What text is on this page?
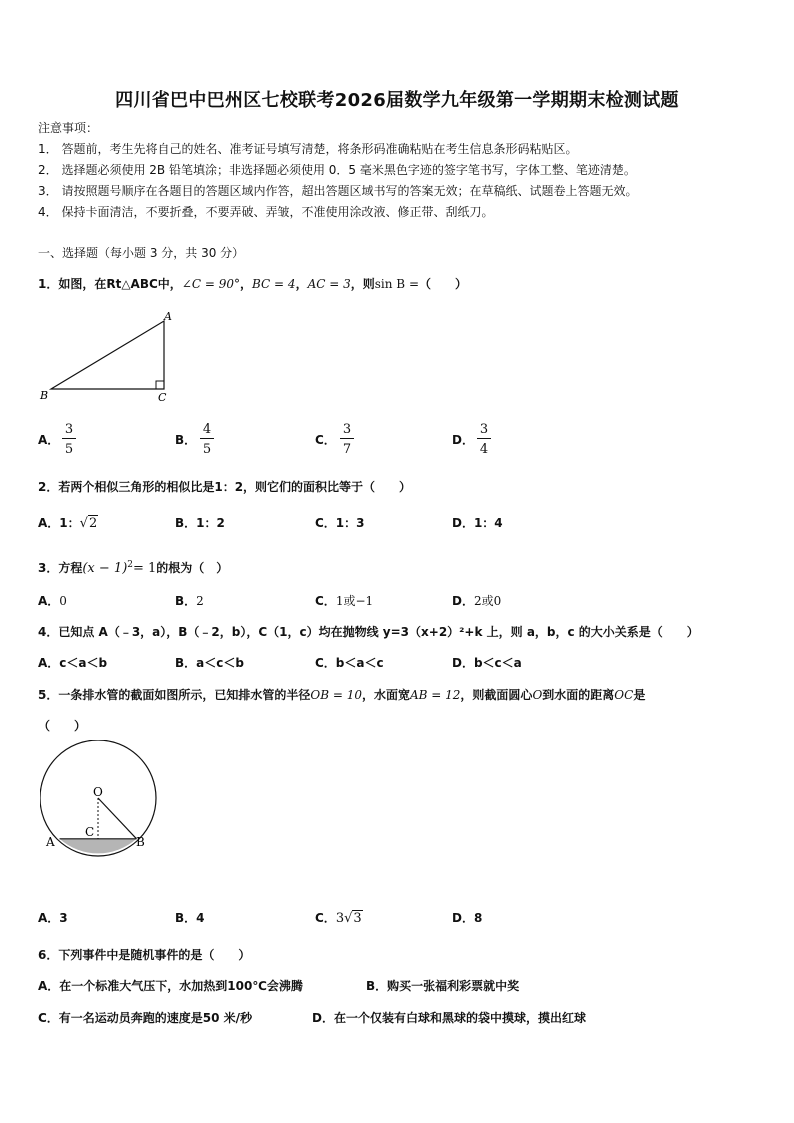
四川省巴中巴州区七校联考2026届数学九年级第一学期期末检测试题
注意事项：
1． 答题前，考生先将自己的姓名、准考证号填写清楚，将条形码准确粘贴在考生信息条形码粘贴区。
2． 选择题必须使用 2B 铅笔填涂；非选择题必须使用 0．5 毫米黑色字迹的签字笔书写，字体工整、笔迹清楚。
3． 请按照题号顺序在各题目的答题区域内作答，超出答题区域书写的答案无效；在草稿纸、试题卷上答题无效。
4． 保持卡面清洁，不要折叠，不要弄破、弄皱，不准使用涂改液、修正带、刮纸刀。
一、选择题（每小题 3 分，共 30 分）
1．如图，在Rt△ABC中，∠C = 90°，BC = 4，AC = 3，则sin B =（　　）
A
B	C
A．
3
5
B．
4
5
C．
3
7
D．
3
4
2．若两个相似三角形的相似比是1：2，则它们的面积比等于（　　）
A．1：√2	B．1：2	C．1：3	D．1：4
3．方程$(x - 1)^2= 1$的根为（　）
A．0	B．2	C．1或−1	D．2或0
4．已知点 A（﹣3，a），B（﹣2，b），C（1，c）均在抛物线 y=3（x+2）²+k 上，则 a，b，c 的大小关系是（　　）
A．c＜a＜b	B．a＜c＜b	C．b＜a＜c	D．b＜c＜a
5．一条排水管的截面如图所示，已知排水管的半径OB = 10，水面宽AB = 12，则截面圆心O到水面的距离OC是
（　　）
O
C
A	B
A．3	B．4	C．3√3	D．8
6．下列事件中是随机事件的是（　　）
A．在一个标准大气压下，水加热到100℃会沸腾	B．购买一张福利彩票就中奖
C．有一名运动员奔跑的速度是50 米/秒	D．在一个仅装有白球和黑球的袋中摸球，摸出红球
